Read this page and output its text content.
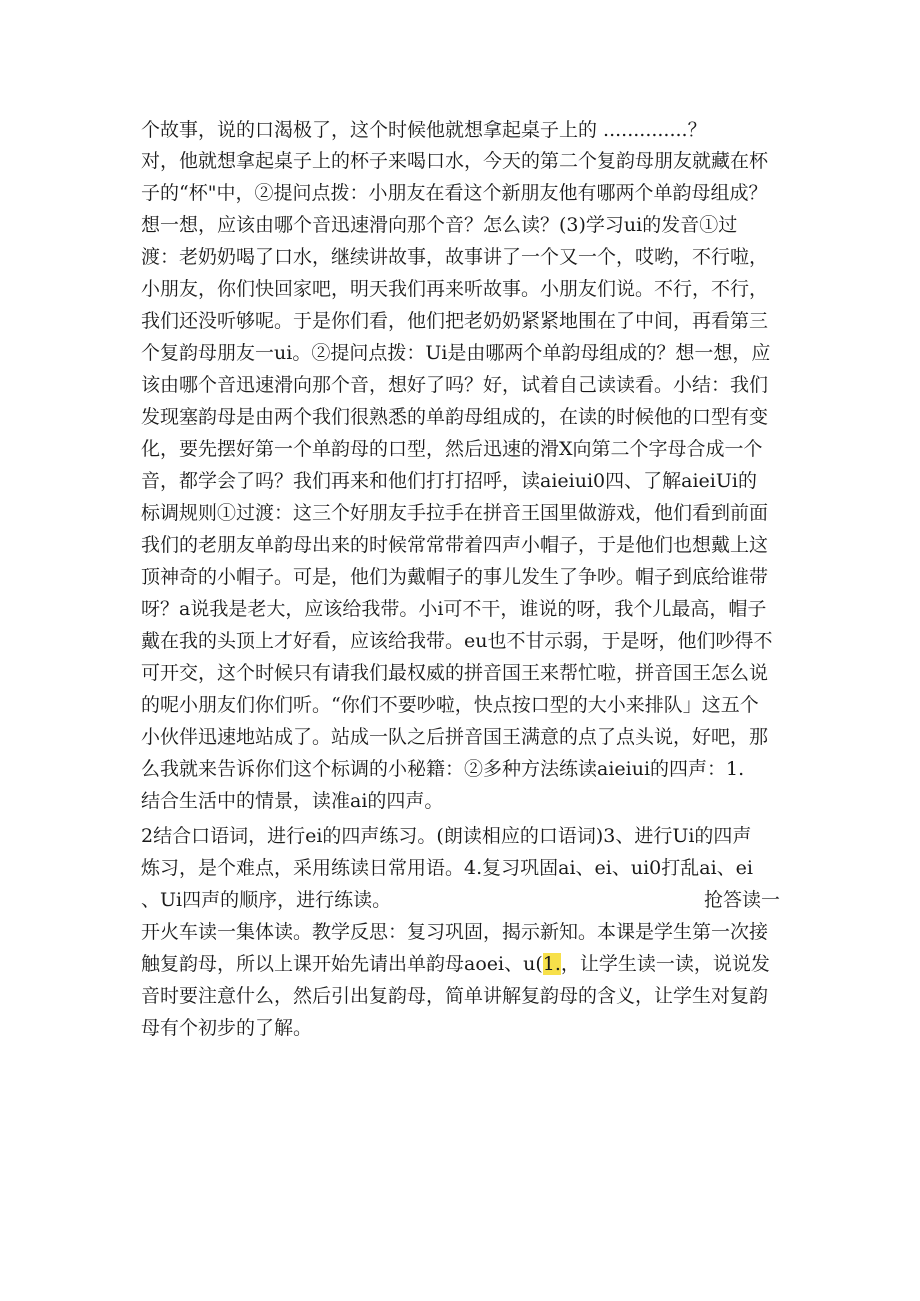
个故事，说的口渴极了，这个时候他就想拿起桌子上的 ..............？
对，他就想拿起桌子上的杯子来喝口水，今天的第二个复韵母朋友就藏在杯
子的“杯"中，②提问点拨：小朋友在看这个新朋友他有哪两个单韵母组成？
想一想，应该由哪个音迅速滑向那个音？怎么读？(3)学习ui的发音①过
渡：老奶奶喝了口水，继续讲故事，故事讲了一个又一个，哎哟，不行啦，
小朋友，你们快回家吧，明天我们再来听故事。小朋友们说。不行，不行，
我们还没听够呢。于是你们看，他们把老奶奶紧紧地围在了中间，再看第三
个复韵母朋友一ui。②提问点拨：Ui是由哪两个单韵母组成的？想一想，应
该由哪个音迅速滑向那个音，想好了吗？好，试着自己读读看。小结：我们
发现塞韵母是由两个我们很熟悉的单韵母组成的，在读的时候他的口型有变
化，要先摆好第一个单韵母的口型，然后迅速的滑X向第二个字母合成一个
音，都学会了吗？我们再来和他们打打招呼，读aieiui0四、了解aieiUi的
标调规则①过渡：这三个好朋友手拉手在拼音王国里做游戏，他们看到前面
我们的老朋友单韵母出来的时候常常带着四声小帽子，于是他们也想戴上这
顶神奇的小帽子。可是，他们为戴帽子的事儿发生了争吵。帽子到底给谁带
呀？a说我是老大，应该给我带。小i可不干，谁说的呀，我个儿最高，帽子
戴在我的头顶上才好看，应该给我带。eu也不甘示弱，于是呀，他们吵得不
可开交，这个时候只有请我们最权威的拼音国王来帮忙啦，拼音国王怎么说
的呢小朋友们你们听。“你们不要吵啦，快点按口型的大小来排队」这五个
小伙伴迅速地站成了。站成一队之后拼音国王满意的点了点头说，好吧，那
么我就来告诉你们这个标调的小秘籍：②多种方法练读aieiui的四声：1.
结合生活中的情景，读准ai的四声。
2结合口语词，进行ei的四声练习。(朗读相应的口语词)3、进行Ui的四声
炼习，是个难点，采用练读日常用语。4.复习巩固ai、ei、ui0打乱ai、ei
、Ui四声的顺序，进行练读。	抢答读一
开火车读一集体读。教学反思：复习巩固，揭示新知。本课是学生第一次接
触复韵母，所以上课开始先请出单韵母aoei、u(1.，让学生读一读，说说发
音时要注意什么，然后引出复韵母，简单讲解复韵母的含义，让学生对复韵
母有个初步的了解。
